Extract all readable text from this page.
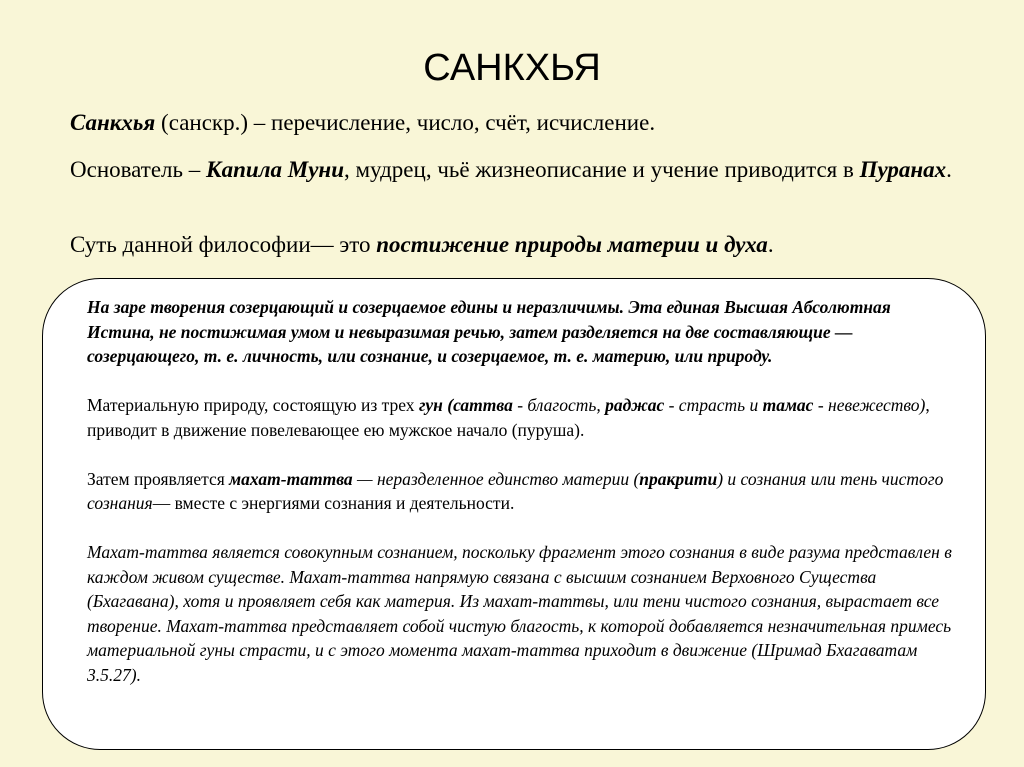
САНКХЬЯ
Санкхья (санскр.) – перечисление, число, счёт, исчисление.
Основатель – Капила Муни, мудрец, чьё жизнеописание и учение приводится в Пуранах.
Суть данной философии— это постижение природы материи и духа.

На заре творения созерцающий и созерцаемое едины и неразличимы. Эта единая Высшая Абсолютная Истина, не постижимая умом и невыразимая речью, затем разделяется на две составляющие — созерцающего, т. е. личность, или сознание, и созерцаемое, т. е. материю, или природу.

Материальную природу, состоящую из трех гун (саттва - благость, раджас - страсть и тамас - невежество), приводит в движение повелевающее ею мужское начало (пуруша).

Затем проявляется махат-таттва — неразделенное единство материи (пракрити) и сознания или тень чистого сознания— вместе с энергиями сознания и деятельности.

Махат-таттва является совокупным сознанием, поскольку фрагмент этого сознания в виде разума представлен в каждом живом существе. Махат-таттва напрямую связана с высшим сознанием Верховного Существа (Бхагавана), хотя и проявляет себя как материя. Из махат-таттвы, или тени чистого сознания, вырастает все творение. Махат-таттва представляет собой чистую благость, к которой добавляется незначительная примесь материальной гуны страсти, и с этого момента махат-таттва приходит в движение (Шримад Бхагаватам 3.5.27).
